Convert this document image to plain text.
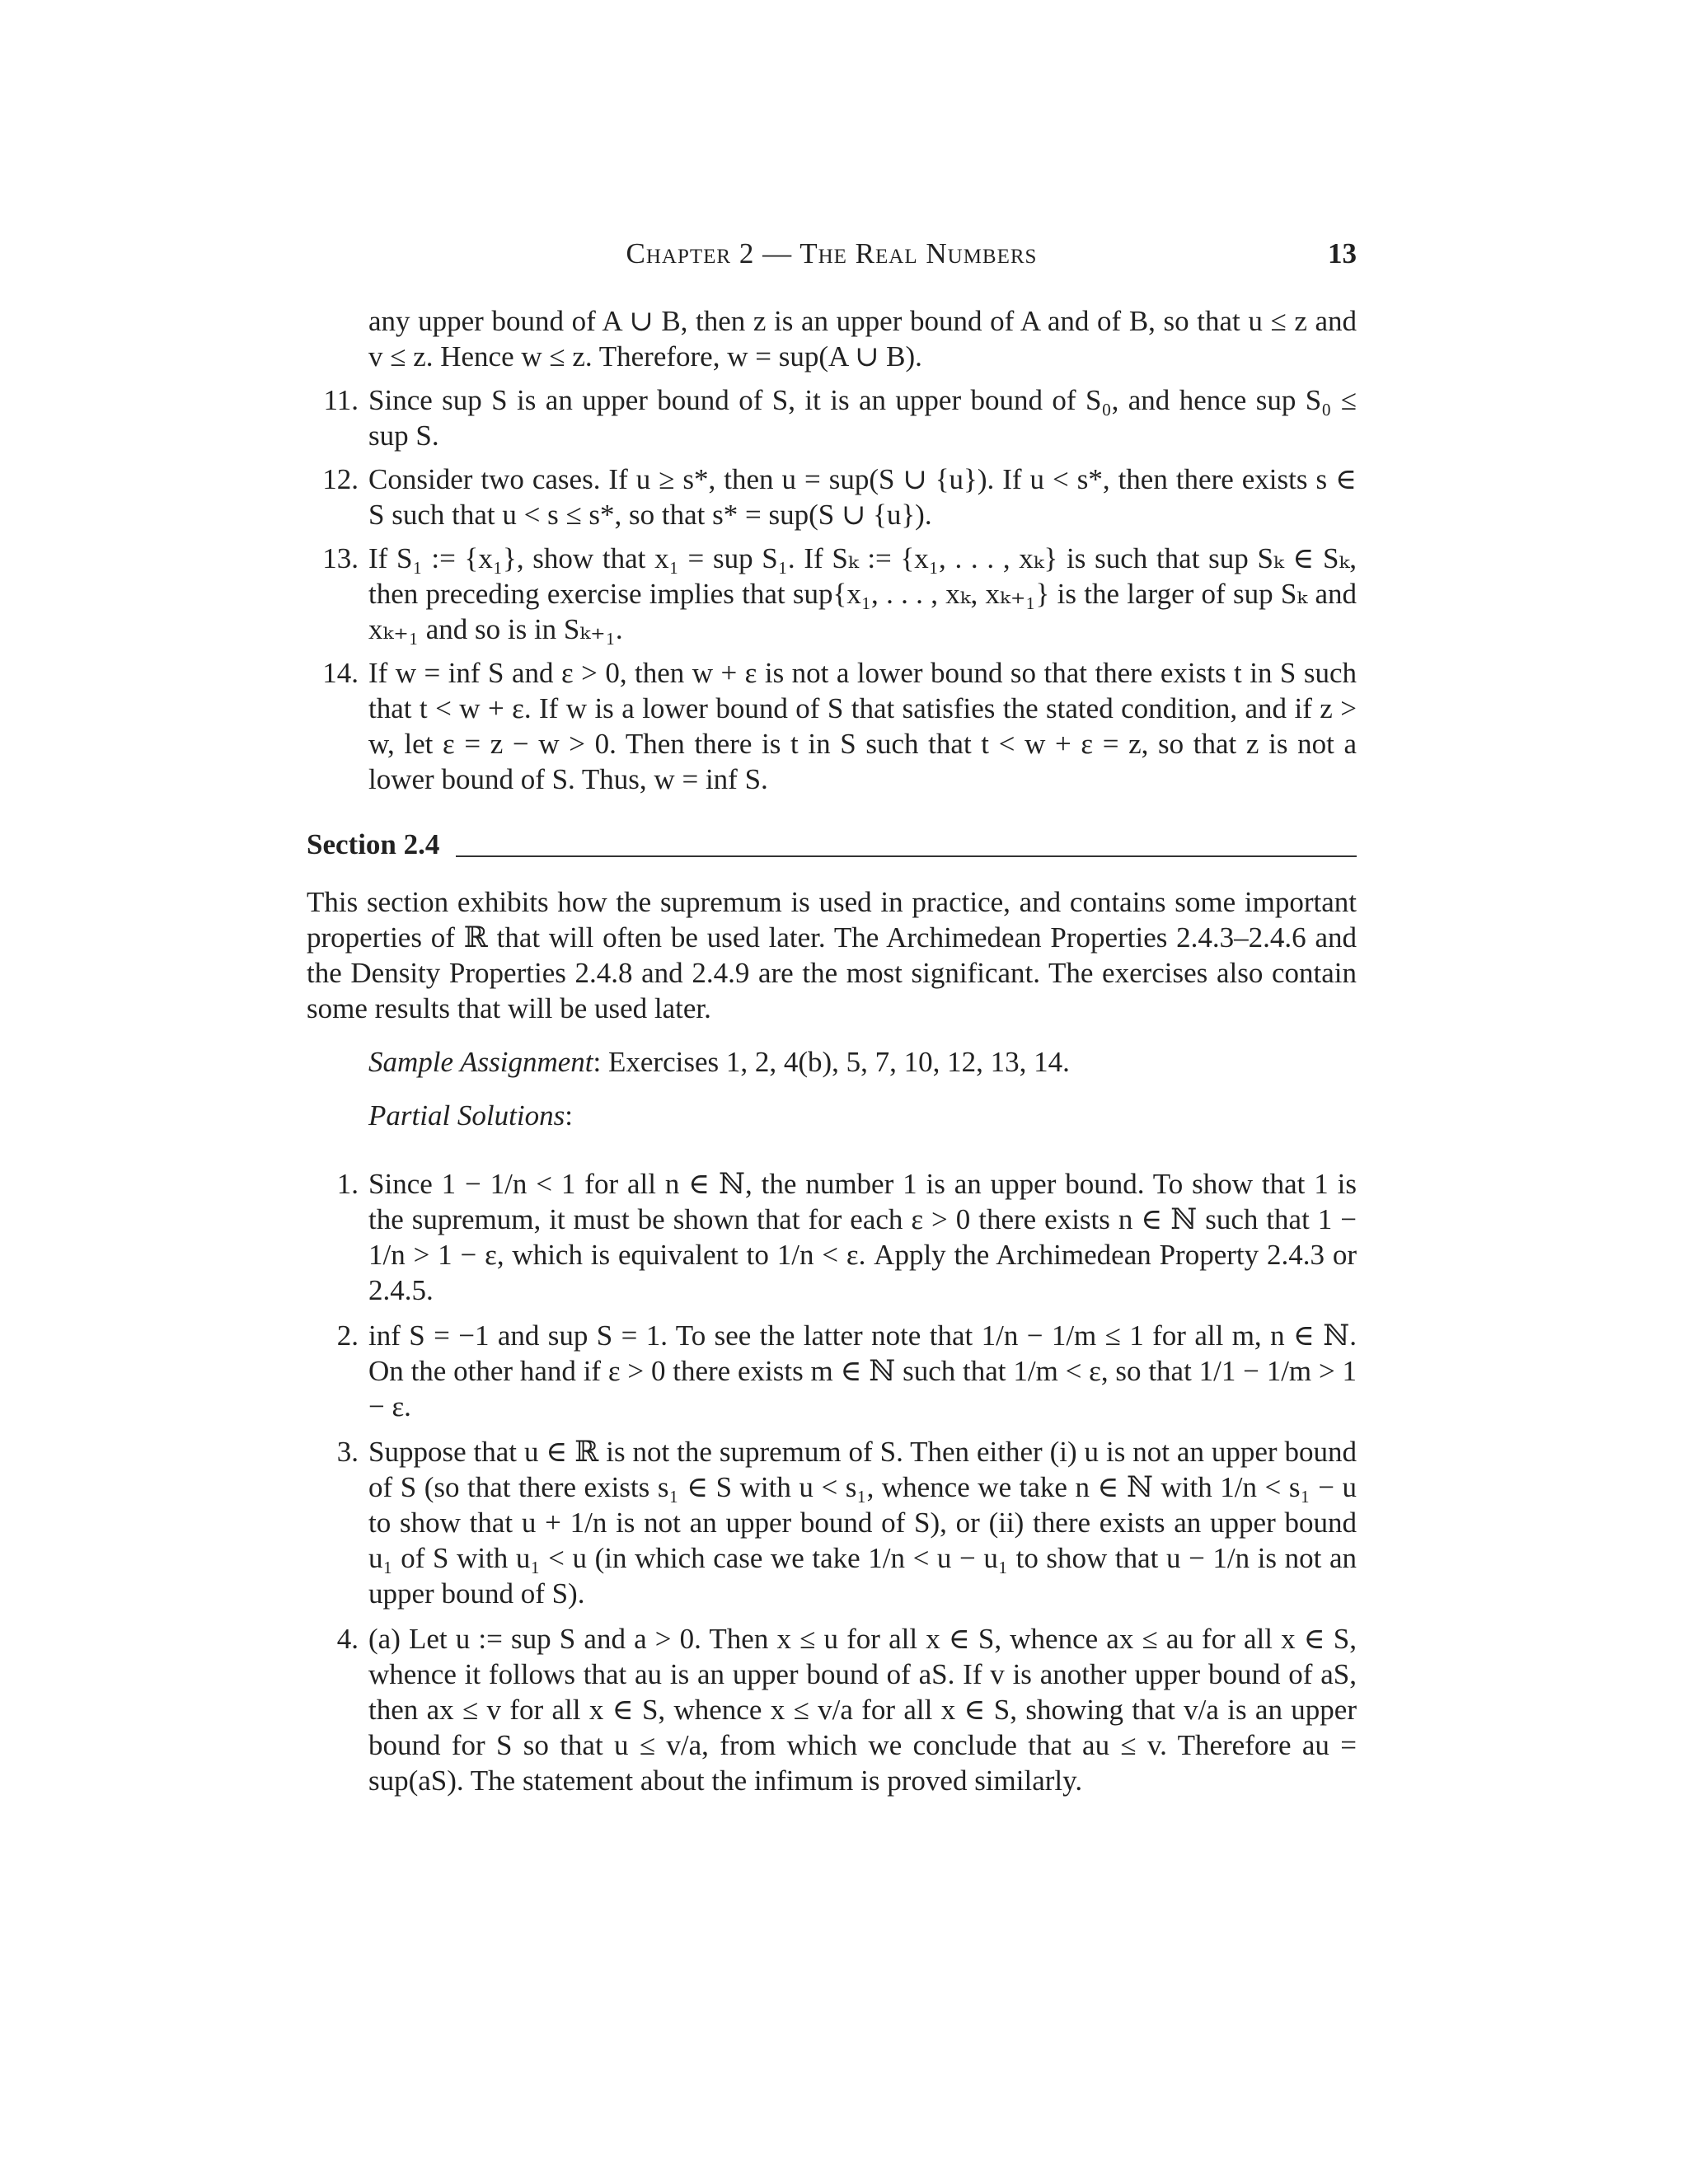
Chapter 2 — The Real Numbers	13

any upper bound of A ∪ B, then z is an upper bound of A and of B, so that u ≤ z and v ≤ z. Hence w ≤ z. Therefore, w = sup(A ∪ B).

11. Since sup S is an upper bound of S, it is an upper bound of S₀, and hence sup S₀ ≤ sup S.

12. Consider two cases. If u ≥ s*, then u = sup(S ∪ {u}). If u < s*, then there exists s ∈ S such that u < s ≤ s*, so that s* = sup(S ∪ {u}).

13. If S₁ := {x₁}, show that x₁ = sup S₁. If Sₖ := {x₁, . . . , xₖ} is such that sup Sₖ ∈ Sₖ, then preceding exercise implies that sup{x₁, . . . , xₖ, xₖ₊₁} is the larger of sup Sₖ and xₖ₊₁ and so is in Sₖ₊₁.

14. If w = inf S and ε > 0, then w + ε is not a lower bound so that there exists t in S such that t < w + ε. If w is a lower bound of S that satisfies the stated condition, and if z > w, let ε = z − w > 0. Then there is t in S such that t < w + ε = z, so that z is not a lower bound of S. Thus, w = inf S.

Section 2.4

This section exhibits how the supremum is used in practice, and contains some important properties of ℝ that will often be used later. The Archimedean Properties 2.4.3–2.4.6 and the Density Properties 2.4.8 and 2.4.9 are the most significant. The exercises also contain some results that will be used later.

Sample Assignment: Exercises 1, 2, 4(b), 5, 7, 10, 12, 13, 14.

Partial Solutions:

1. Since 1 − 1/n < 1 for all n ∈ ℕ, the number 1 is an upper bound. To show that 1 is the supremum, it must be shown that for each ε > 0 there exists n ∈ ℕ such that 1 − 1/n > 1 − ε, which is equivalent to 1/n < ε. Apply the Archimedean Property 2.4.3 or 2.4.5.

2. inf S = −1 and sup S = 1. To see the latter note that 1/n − 1/m ≤ 1 for all m, n ∈ ℕ. On the other hand if ε > 0 there exists m ∈ ℕ such that 1/m < ε, so that 1/1 − 1/m > 1 − ε.

3. Suppose that u ∈ ℝ is not the supremum of S. Then either (i) u is not an upper bound of S (so that there exists s₁ ∈ S with u < s₁, whence we take n ∈ ℕ with 1/n < s₁ − u to show that u + 1/n is not an upper bound of S), or (ii) there exists an upper bound u₁ of S with u₁ < u (in which case we take 1/n < u − u₁ to show that u − 1/n is not an upper bound of S).

4. (a) Let u := sup S and a > 0. Then x ≤ u for all x ∈ S, whence ax ≤ au for all x ∈ S, whence it follows that au is an upper bound of aS. If v is another upper bound of aS, then ax ≤ v for all x ∈ S, whence x ≤ v/a for all x ∈ S, showing that v/a is an upper bound for S so that u ≤ v/a, from which we conclude that au ≤ v. Therefore au = sup(aS). The statement about the infimum is proved similarly.
